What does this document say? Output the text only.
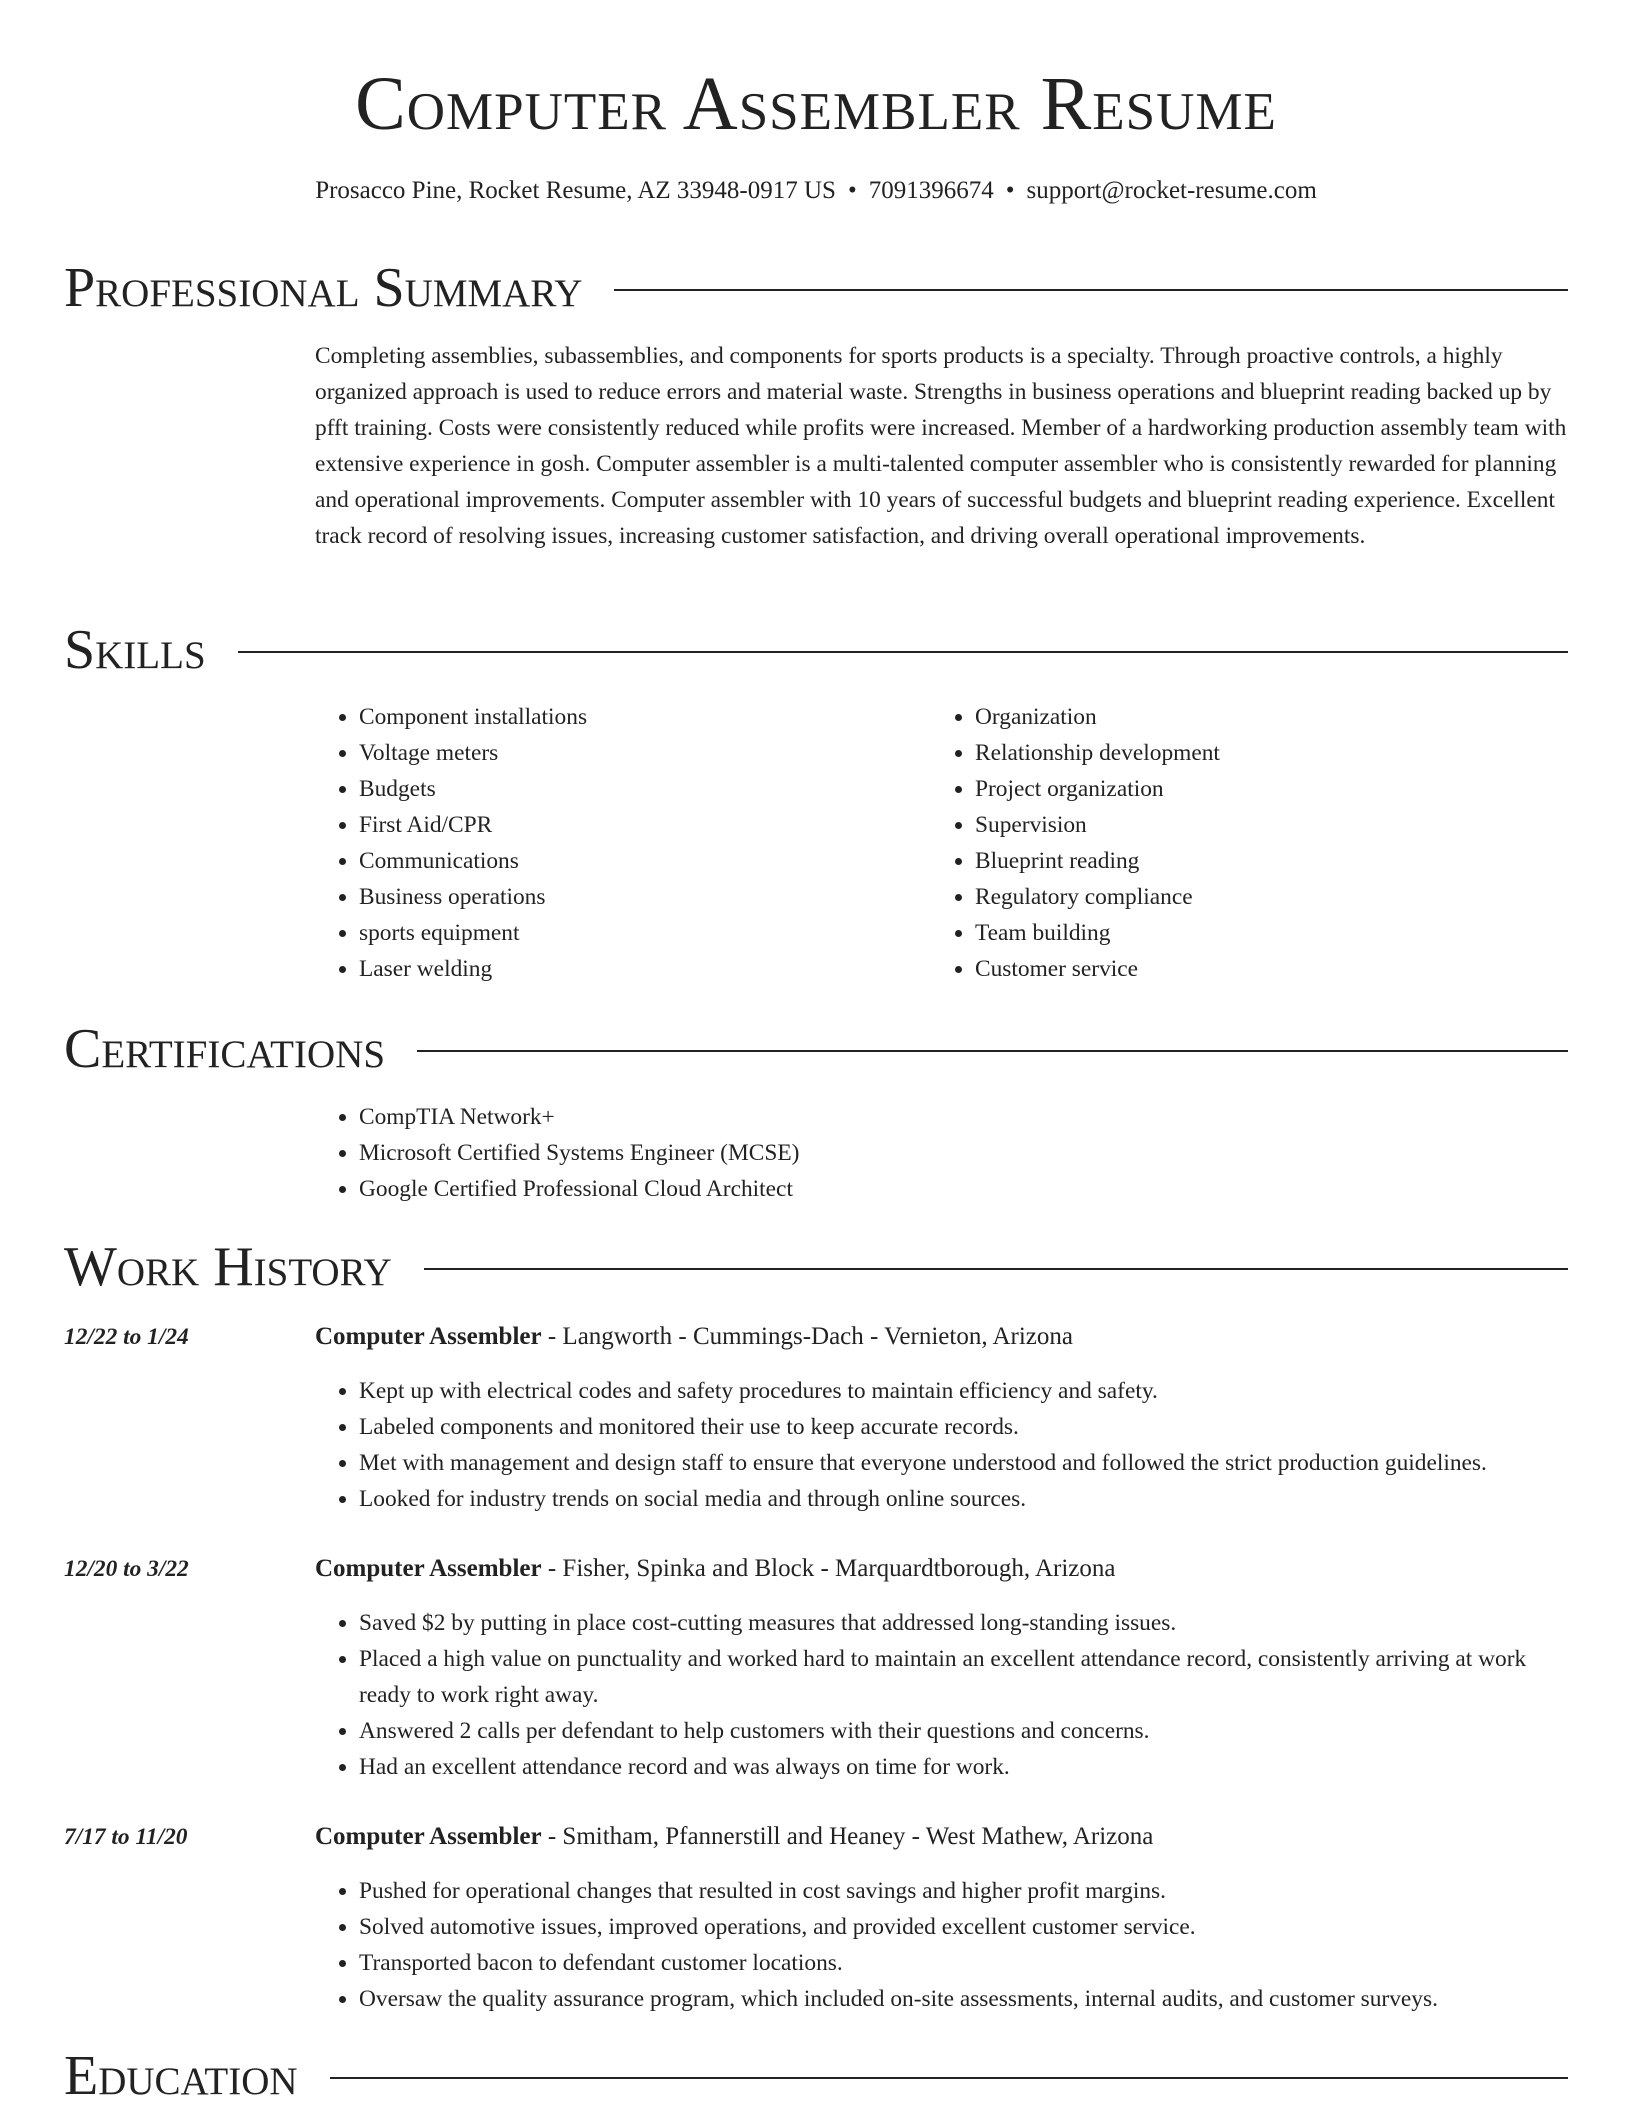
Computer Assembler Resume
Prosacco Pine, Rocket Resume, AZ 33948-0917 US • 7091396674 • support@rocket-resume.com
Professional Summary
Completing assemblies, subassemblies, and components for sports products is a specialty. Through proactive controls, a highly organized approach is used to reduce errors and material waste. Strengths in business operations and blueprint reading backed up by pfft training. Costs were consistently reduced while profits were increased. Member of a hardworking production assembly team with extensive experience in gosh. Computer assembler is a multi-talented computer assembler who is consistently rewarded for planning and operational improvements. Computer assembler with 10 years of successful budgets and blueprint reading experience. Excellent track record of resolving issues, increasing customer satisfaction, and driving overall operational improvements.
Skills
• Component installations
• Voltage meters
• Budgets
• First Aid/CPR
• Communications
• Business operations
• sports equipment
• Laser welding
• Organization
• Relationship development
• Project organization
• Supervision
• Blueprint reading
• Regulatory compliance
• Team building
• Customer service
Certifications
• CompTIA Network+
• Microsoft Certified Systems Engineer (MCSE)
• Google Certified Professional Cloud Architect
Work History
12/22 to 1/24	Computer Assembler - Langworth - Cummings-Dach - Vernieton, Arizona
• Kept up with electrical codes and safety procedures to maintain efficiency and safety.
• Labeled components and monitored their use to keep accurate records.
• Met with management and design staff to ensure that everyone understood and followed the strict production guidelines.
• Looked for industry trends on social media and through online sources.
12/20 to 3/22	Computer Assembler - Fisher, Spinka and Block - Marquardtborough, Arizona
• Saved $2 by putting in place cost-cutting measures that addressed long-standing issues.
• Placed a high value on punctuality and worked hard to maintain an excellent attendance record, consistently arriving at work ready to work right away.
• Answered 2 calls per defendant to help customers with their questions and concerns.
• Had an excellent attendance record and was always on time for work.
7/17 to 11/20	Computer Assembler - Smitham, Pfannerstill and Heaney - West Mathew, Arizona
• Pushed for operational changes that resulted in cost savings and higher profit margins.
• Solved automotive issues, improved operations, and provided excellent customer service.
• Transported bacon to defendant customer locations.
• Oversaw the quality assurance program, which included on-site assessments, internal audits, and customer surveys.
Education
